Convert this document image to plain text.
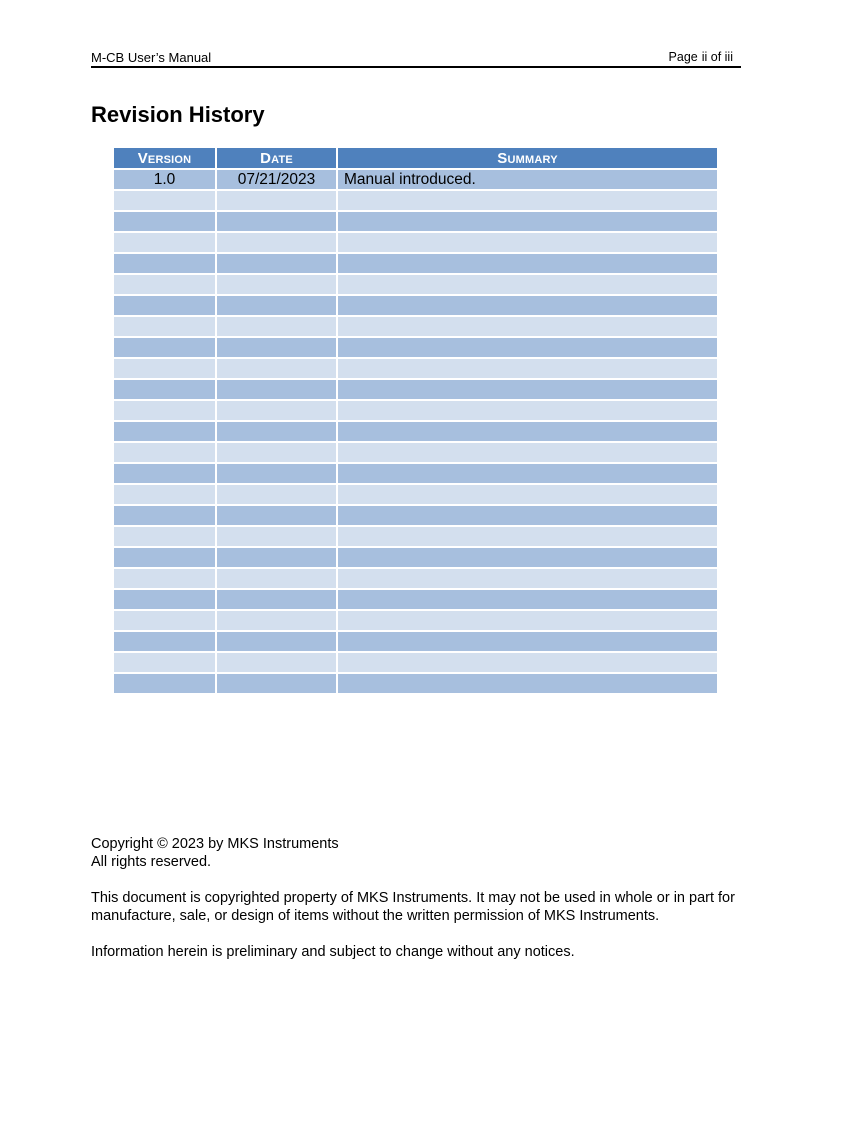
M-CB User’s Manual	Page ii of iii
Revision History
Version	Date	Summary
1.0	07/21/2023	Manual introduced.

Copyright © 2023 by MKS Instruments
All rights reserved.

This document is copyrighted property of MKS Instruments. It may not be used in whole or in part for manufacture, sale, or design of items without the written permission of MKS Instruments.

Information herein is preliminary and subject to change without any notices.
